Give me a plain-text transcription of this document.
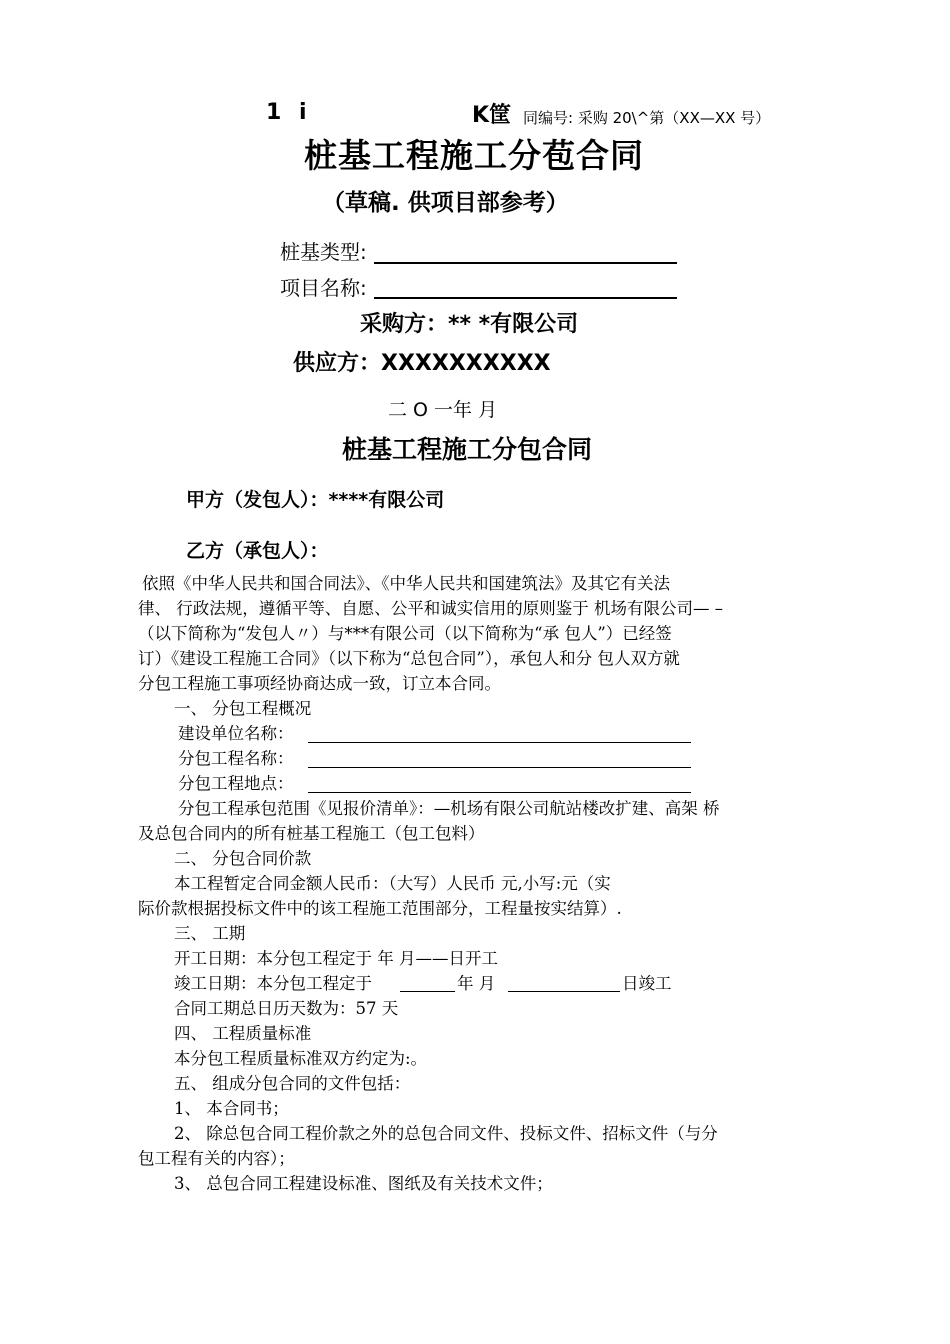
1 i	K筐 同编号: 采购 20\^第（XX—XX 号）
桩基工程施工分苞合同
（草稿. 供项目部参考）
桩基类型:
项目名称:
采购方：** *有限公司
供应方：XXXXXXXXXX
二 O 一年 月
桩基工程施工分包合同
甲方（发包人）：****有限公司
乙方（承包人）：
依照《中华人民共和国合同法》、《中华人民共和国建筑法》及其它有关法
律、 行政法规，遵循平等、自愿、公平和诚实信用的原则鉴于 机场有限公司— –
（以下简称为“发包人〃）与***有限公司（以下简称为“承 包人”）已经签
订）《建设工程施工合同》（以下称为“总包合同”），承包人和分 包人双方就
分包工程施工事项经协商达成一致，订立本合同。
一、 分包工程概况
建设单位名称：
分包工程名称：
分包工程地点：
分包工程承包范围《见报价清单》：—机场有限公司航站楼改扩建、高架 桥
及总包合同内的所有桩基工程施工（包工包料）
二、 分包合同价款
本工程暂定合同金额人民币：（大写）人民币 元,小写:元（实
际价款根据投标文件中的该工程施工范围部分，工程量按实结算）.
三、 工期
开工日期：本分包工程定于 年 月——日开工
竣工日期：本分包工程定于	年 月	日竣工
合同工期总日历天数为：57 天
四、 工程质量标准
本分包工程质量标准双方约定为:。
五、 组成分包合同的文件包括：
1、 本合同书；
2、 除总包合同工程价款之外的总包合同文件、投标文件、招标文件（与分
包工程有关的内容）；
3、 总包合同工程建设标准、图纸及有关技术文件；
